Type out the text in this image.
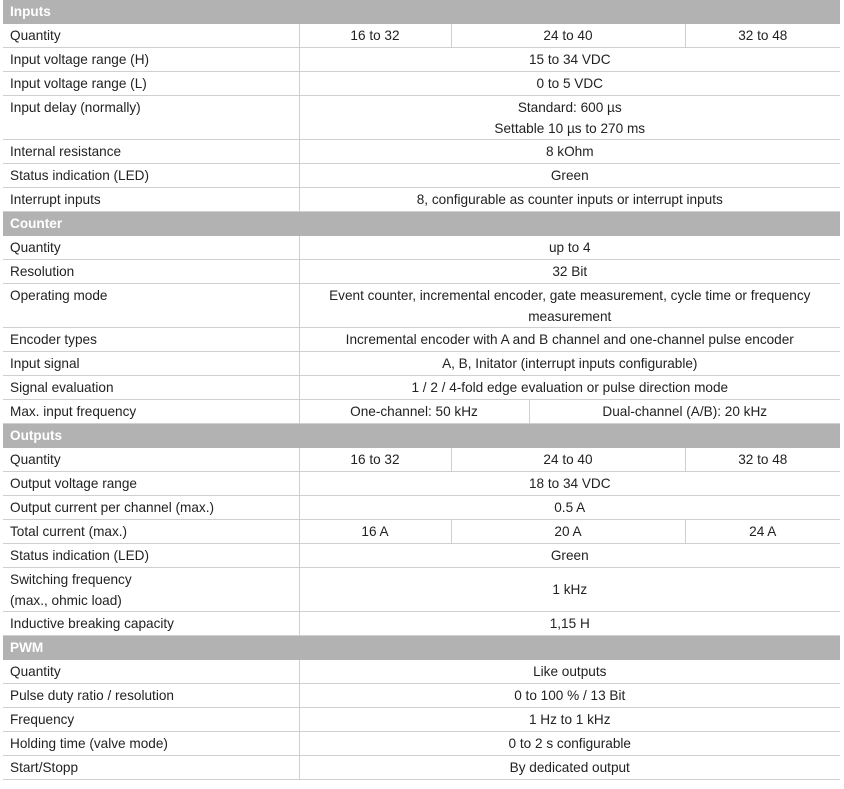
Inputs				
Quantity	16 to 32	24 to 40		32 to 48
Input voltage range (H)	15 to 34 VDC			
Input voltage range (L)	0 to 5 VDC			
Input delay (normally)	Standard: 600 µs
Settable 10 µs to 270 ms			

Internal resistance	8 kOhm			
Status indication (LED)	Green			
Interrupt inputs	8, configurable as counter inputs or interrupt inputs			
Counter				
Quantity	up to 4			
Resolution	32 Bit			
Operating mode	Event counter, incremental encoder, gate measurement, cycle time or frequency
measurement			

Encoder types	Incremental encoder with A and B channel and one-channel pulse encoder			
Input signal	A, B, Initator (interrupt inputs configurable)			
Signal evaluation	1 / 2 / 4-fold edge evaluation or pulse direction mode			
Max. input frequency	One-channel: 50 kHz		Dual-channel (A/B): 20 kHz	
Outputs				
Quantity	16 to 32	24 to 40		32 to 48
Output voltage range	18 to 34 VDC			
Output current per channel (max.)	0.5 A			
Total current (max.)	16 A	20 A		24 A
Status indication (LED)	Green			

Switching frequency
(max., ohmic load)	1 kHz			
Inductive breaking capacity	1,15 H			
PWM				
Quantity	Like outputs			
Pulse duty ratio / resolution	0 to 100 % / 13 Bit			
Frequency	1 Hz to 1 kHz			
Holding time (valve mode)	0 to 2 s configurable			
Start/Stopp	By dedicated output			
